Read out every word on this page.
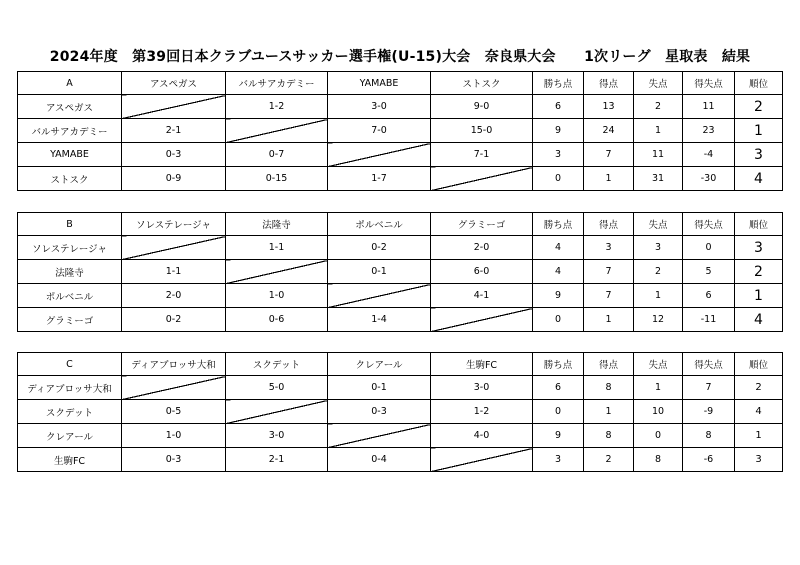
2024年度　第39回日本クラブユースサッカー選手権(U-15)大会　奈良県大会　　1次リーグ　星取表　結果
A	アスペガス	バルサアカデミー	YAMABE	ストスク	勝ち点	得点	失点	得失点	順位
アスペガス		1-2	3-0	9-0	6	13	2	11	2
バルサアカデミー	2-1		7-0	15-0	9	24	1	23	1
YAMABE	0-3	0-7		7-1	3	7	11	-4	3
ストスク	0-9	0-15	1-7		0	1	31	-30	4
B	ソレステレージャ	法隆寺	ポルベニル	グラミーゴ	勝ち点	得点	失点	得失点	順位
ソレステレージャ		1-1	0-2	2-0	4	3	3	0	3
法隆寺	1-1		0-1	6-0	4	7	2	5	2
ポルベニル	2-0	1-0		4-1	9	7	1	6	1
グラミーゴ	0-2	0-6	1-4		0	1	12	-11	4
C	ディアブロッサ大和	スクデット	クレアール	生駒FC	勝ち点	得点	失点	得失点	順位
ディアブロッサ大和		5-0	0-1	3-0	6	8	1	7	2
スクデット	0-5		0-3	1-2	0	1	10	-9	4
クレアール	1-0	3-0		4-0	9	8	0	8	1
生駒FC	0-3	2-1	0-4		3	2	8	-6	3
